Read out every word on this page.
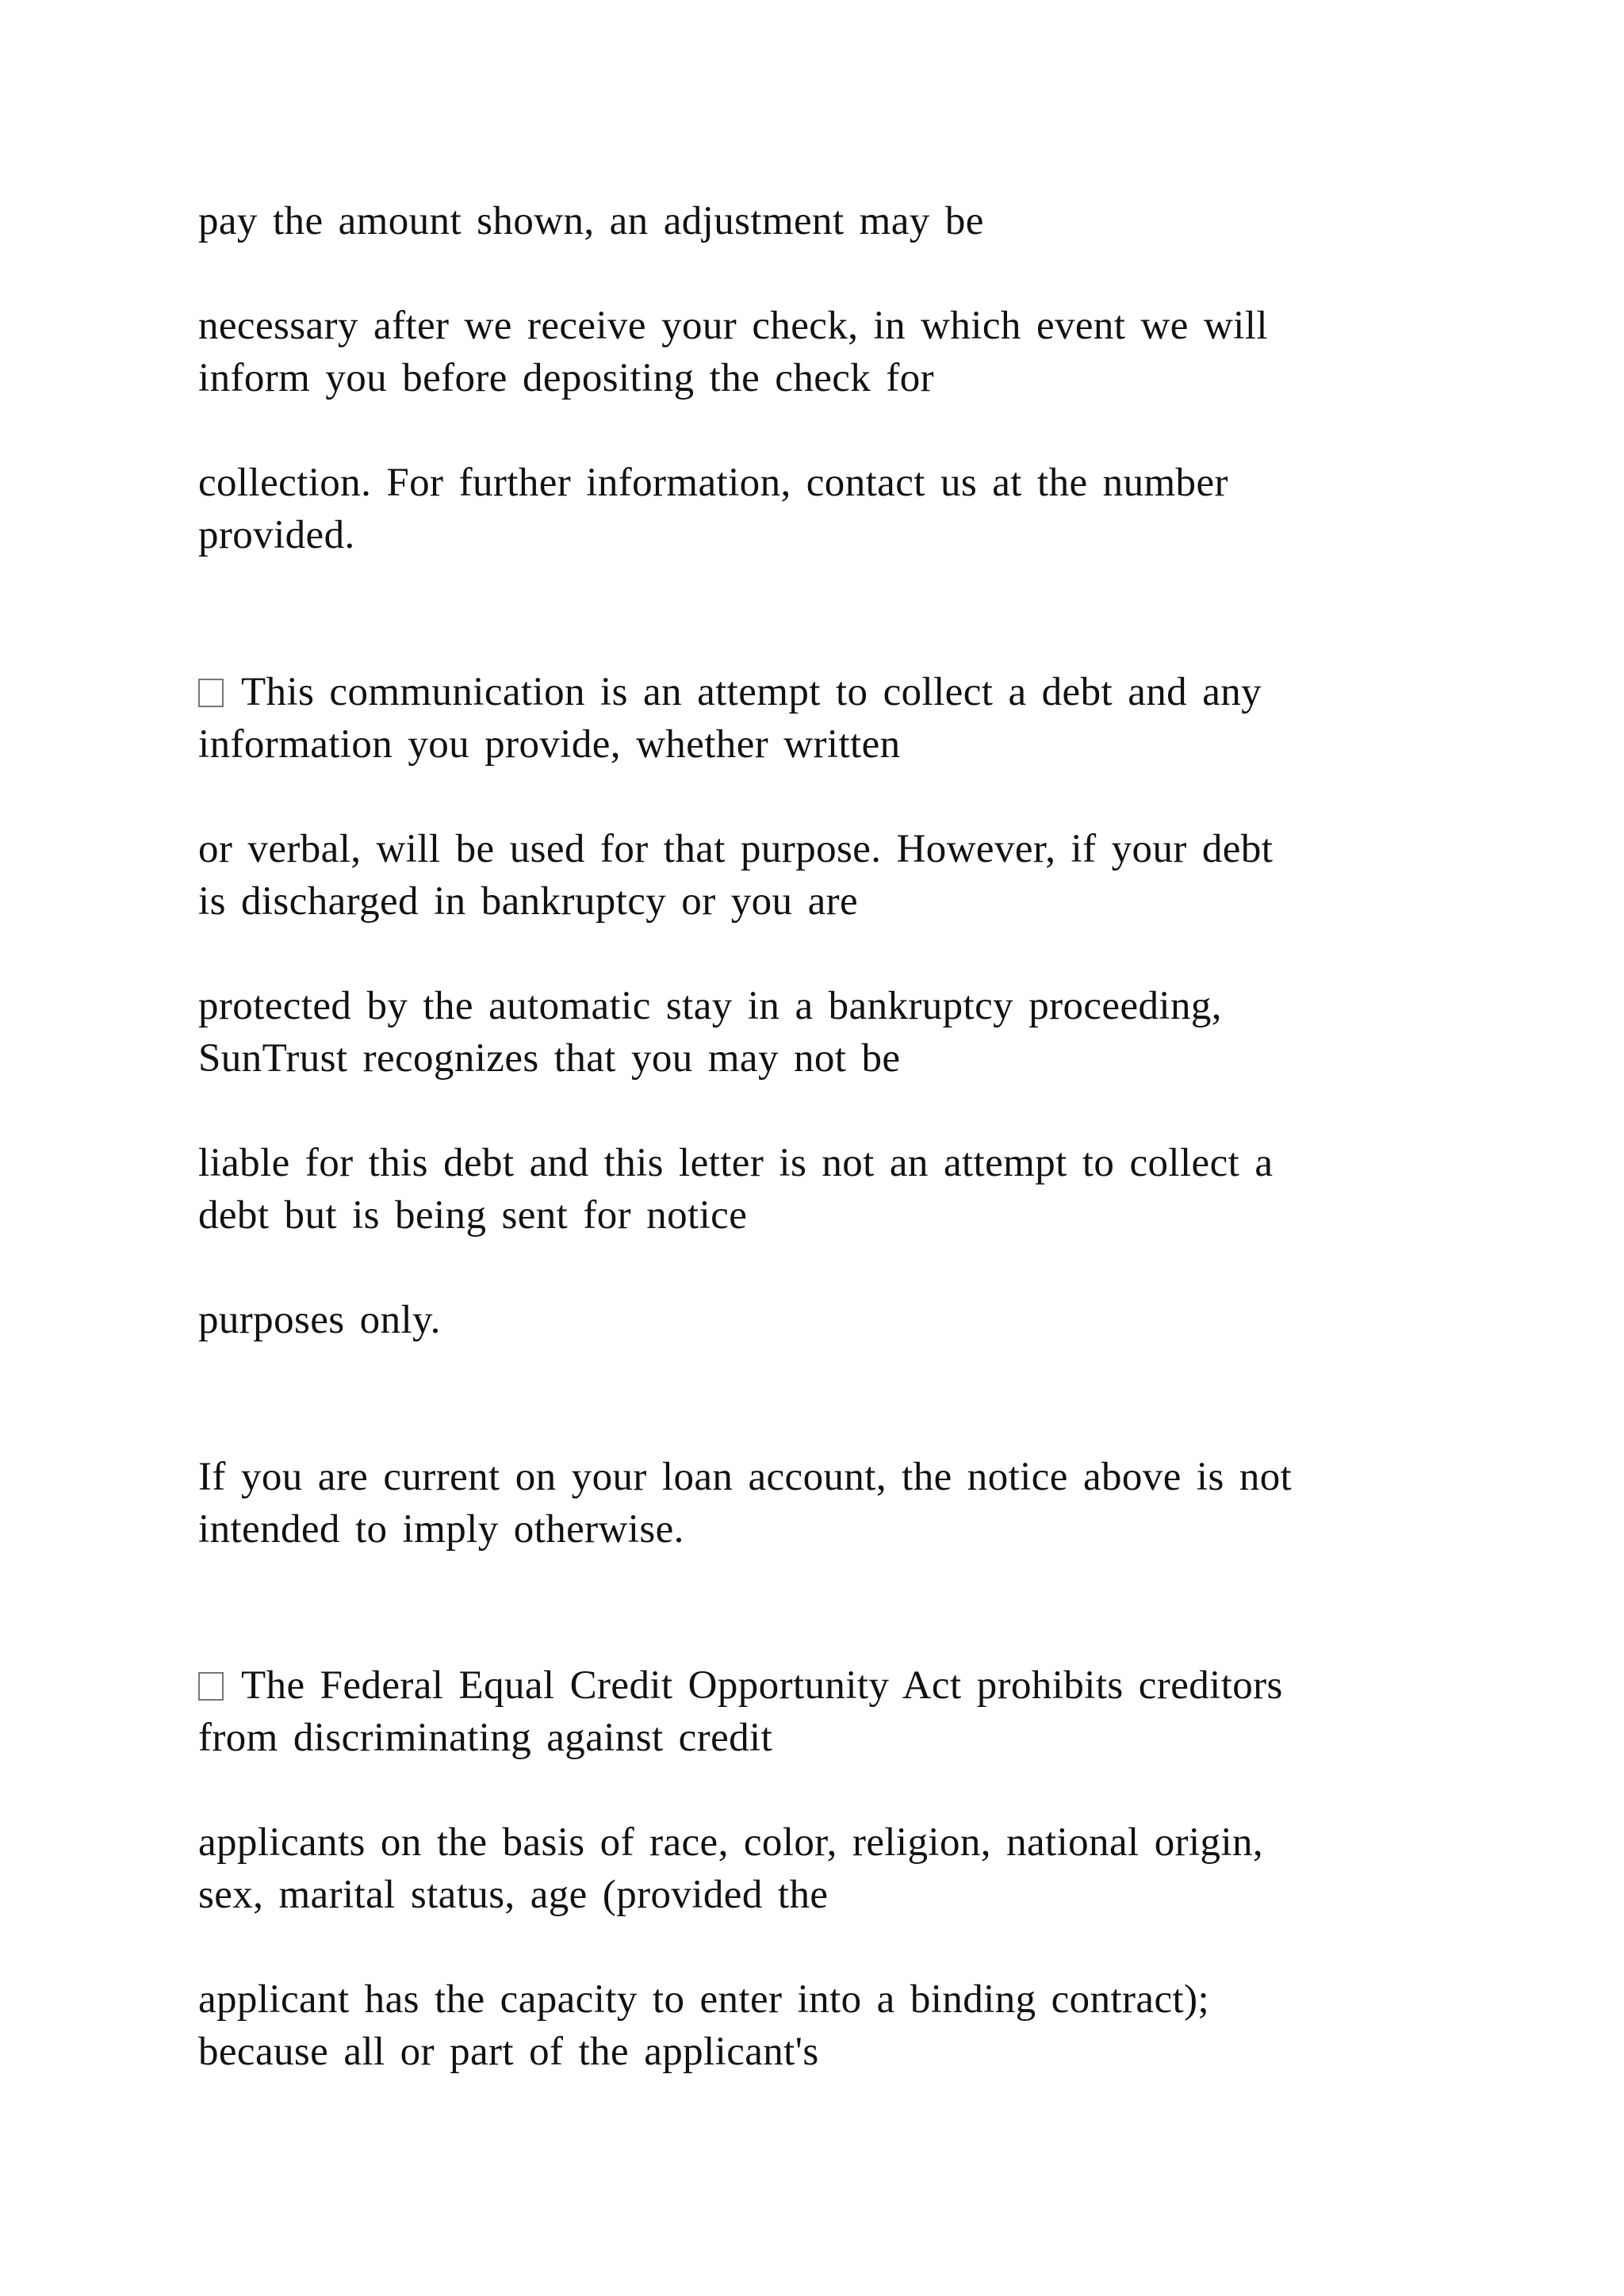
pay the amount shown, an adjustment may be

necessary after we receive your check, in which event we will

inform you before depositing the check for

collection. For further information, contact us at the number

provided.

This communication is an attempt to collect a debt and any

information you provide, whether written

or verbal, will be used for that purpose. However, if your debt

is discharged in bankruptcy or you are

protected by the automatic stay in a bankruptcy proceeding,

SunTrust recognizes that you may not be

liable for this debt and this letter is not an attempt to collect a

debt but is being sent for notice

purposes only.

If you are current on your loan account, the notice above is not

intended to imply otherwise.

The Federal Equal Credit Opportunity Act prohibits creditors

from discriminating against credit

applicants on the basis of race, color, religion, national origin,

sex, marital status, age (provided the

applicant has the capacity to enter into a binding contract);

because all or part of the applicant's
